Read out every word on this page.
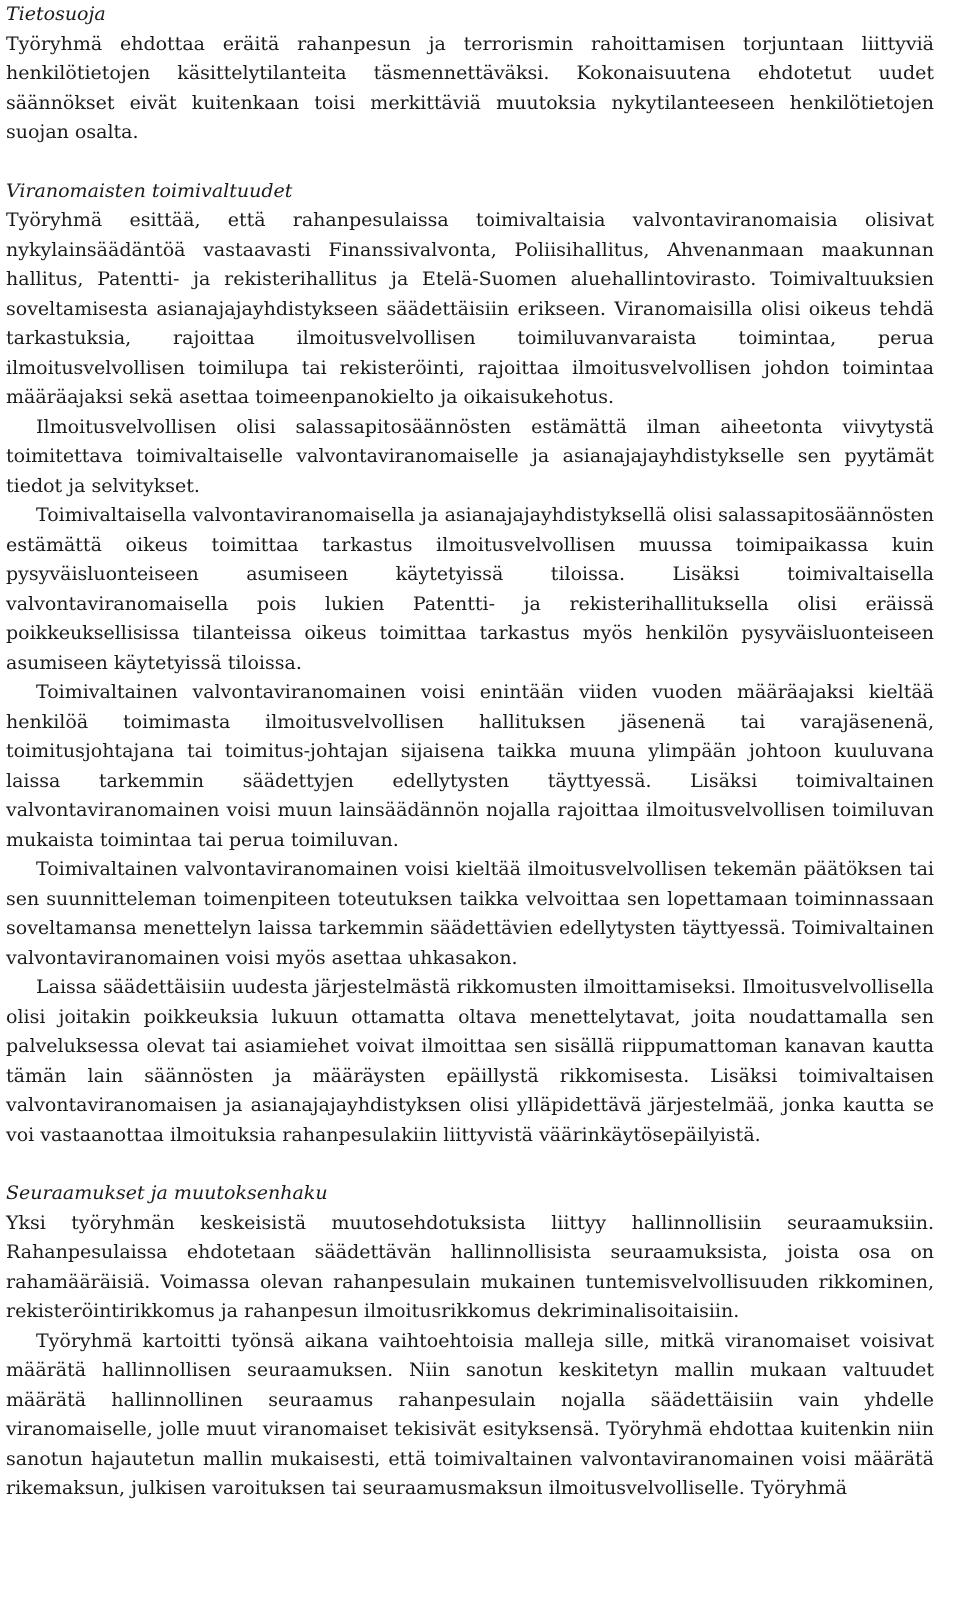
Tietosuoja

Työryhmä ehdottaa eräitä rahanpesun ja terrorismin rahoittamisen torjuntaan liittyviä henkilötietojen käsittelytilanteita täsmennettäväksi. Kokonaisuutena ehdotetut uudet säännökset eivät kuitenkaan toisi merkittäviä muutoksia nykytilanteeseen henkilötietojen suojan osalta.

Viranomaisten toimivaltuudet

Työryhmä esittää, että rahanpesulaissa toimivaltaisia valvontaviranomaisia olisivat nykylainsäädäntöä vastaavasti Finanssivalvonta, Poliisihallitus, Ahvenanmaan maakunnan hallitus, Patentti- ja rekisterihallitus ja Etelä-Suomen aluehallintovirasto. Toimivaltuuksien soveltamisesta asianajajayhdistykseen säädettäisiin erikseen. Viranomaisilla olisi oikeus tehdä tarkastuksia, rajoittaa ilmoitusvelvollisen toimiluvanvaraista toimintaa, perua ilmoitusvelvollisen toimilupa tai rekisteröinti, rajoittaa ilmoitusvelvollisen johdon toimintaa määräajaksi sekä asettaa toimeenpanokielto ja oikaisukehotus.

Ilmoitusvelvollisen olisi salassapitosäännösten estämättä ilman aiheetonta viivytystä toimitettava toimivaltaiselle valvontaviranomaiselle ja asianajajayhdistykselle sen pyytämät tiedot ja selvitykset.

Toimivaltaisella valvontaviranomaisella ja asianajajayhdistyksellä olisi salassapitosäännösten estämättä oikeus toimittaa tarkastus ilmoitusvelvollisen muussa toimipaikassa kuin pysyväisluonteiseen asumiseen käytetyissä tiloissa. Lisäksi toimivaltaisella valvontaviranomaisella pois lukien Patentti- ja rekisterihallituksella olisi eräissä poikkeuksellisissa tilanteissa oikeus toimittaa tarkastus myös henkilön pysyväisluonteiseen asumiseen käytetyissä tiloissa.

Toimivaltainen valvontaviranomainen voisi enintään viiden vuoden määräajaksi kieltää henkilöä toimimasta ilmoitusvelvollisen hallituksen jäsenenä tai varajäsenenä, toimitusjohtajana tai toimitus-johtajan sijaisena taikka muuna ylimpään johtoon kuuluvana laissa tarkemmin säädettyjen edellytysten täyttyessä. Lisäksi toimivaltainen valvontaviranomainen voisi muun lainsäädännön nojalla rajoittaa ilmoitusvelvollisen toimiluvan mukaista toimintaa tai perua toimiluvan.

Toimivaltainen valvontaviranomainen voisi kieltää ilmoitusvelvollisen tekemän päätöksen tai sen suunnitteleman toimenpiteen toteutuksen taikka velvoittaa sen lopettamaan toiminnassaan soveltamansa menettelyn laissa tarkemmin säädettävien edellytysten täyttyessä. Toimivaltainen valvontaviranomainen voisi myös asettaa uhkasakon.

Laissa säädettäisiin uudesta järjestelmästä rikkomusten ilmoittamiseksi. Ilmoitusvelvollisella olisi joitakin poikkeuksia lukuun ottamatta oltava menettelytavat, joita noudattamalla sen palveluksessa olevat tai asiamiehet voivat ilmoittaa sen sisällä riippumattoman kanavan kautta tämän lain säännösten ja määräysten epäillystä rikkomisesta. Lisäksi toimivaltaisen valvontaviranomaisen ja asianajajayhdistyksen olisi ylläpidettävä järjestelmää, jonka kautta se voi vastaanottaa ilmoituksia rahanpesulakiin liittyvistä väärinkäytösepäilyistä.

Seuraamukset ja muutoksenhaku

Yksi työryhmän keskeisistä muutosehdotuksista liittyy hallinnollisiin seuraamuksiin. Rahanpesulaissa ehdotetaan säädettävän hallinnollisista seuraamuksista, joista osa on rahamääräisiä. Voimassa olevan rahanpesulain mukainen tuntemisvelvollisuuden rikkominen, rekisteröintirikkomus ja rahanpesun ilmoitusrikkomus dekriminalisoitaisiin.

Työryhmä kartoitti työnsä aikana vaihtoehtoisia malleja sille, mitkä viranomaiset voisivat määrätä hallinnollisen seuraamuksen. Niin sanotun keskitetyn mallin mukaan valtuudet määrätä hallinnollinen seuraamus rahanpesulain nojalla säädettäisiin vain yhdelle viranomaiselle, jolle muut viranomaiset tekisivät esityksensä. Työryhmä ehdottaa kuitenkin niin sanotun hajautetun mallin mukaisesti, että toimivaltainen valvontaviranomainen voisi määrätä rikemaksun, julkisen varoituksen tai seuraamusmaksun ilmoitusvelvolliselle. Työryhmä
